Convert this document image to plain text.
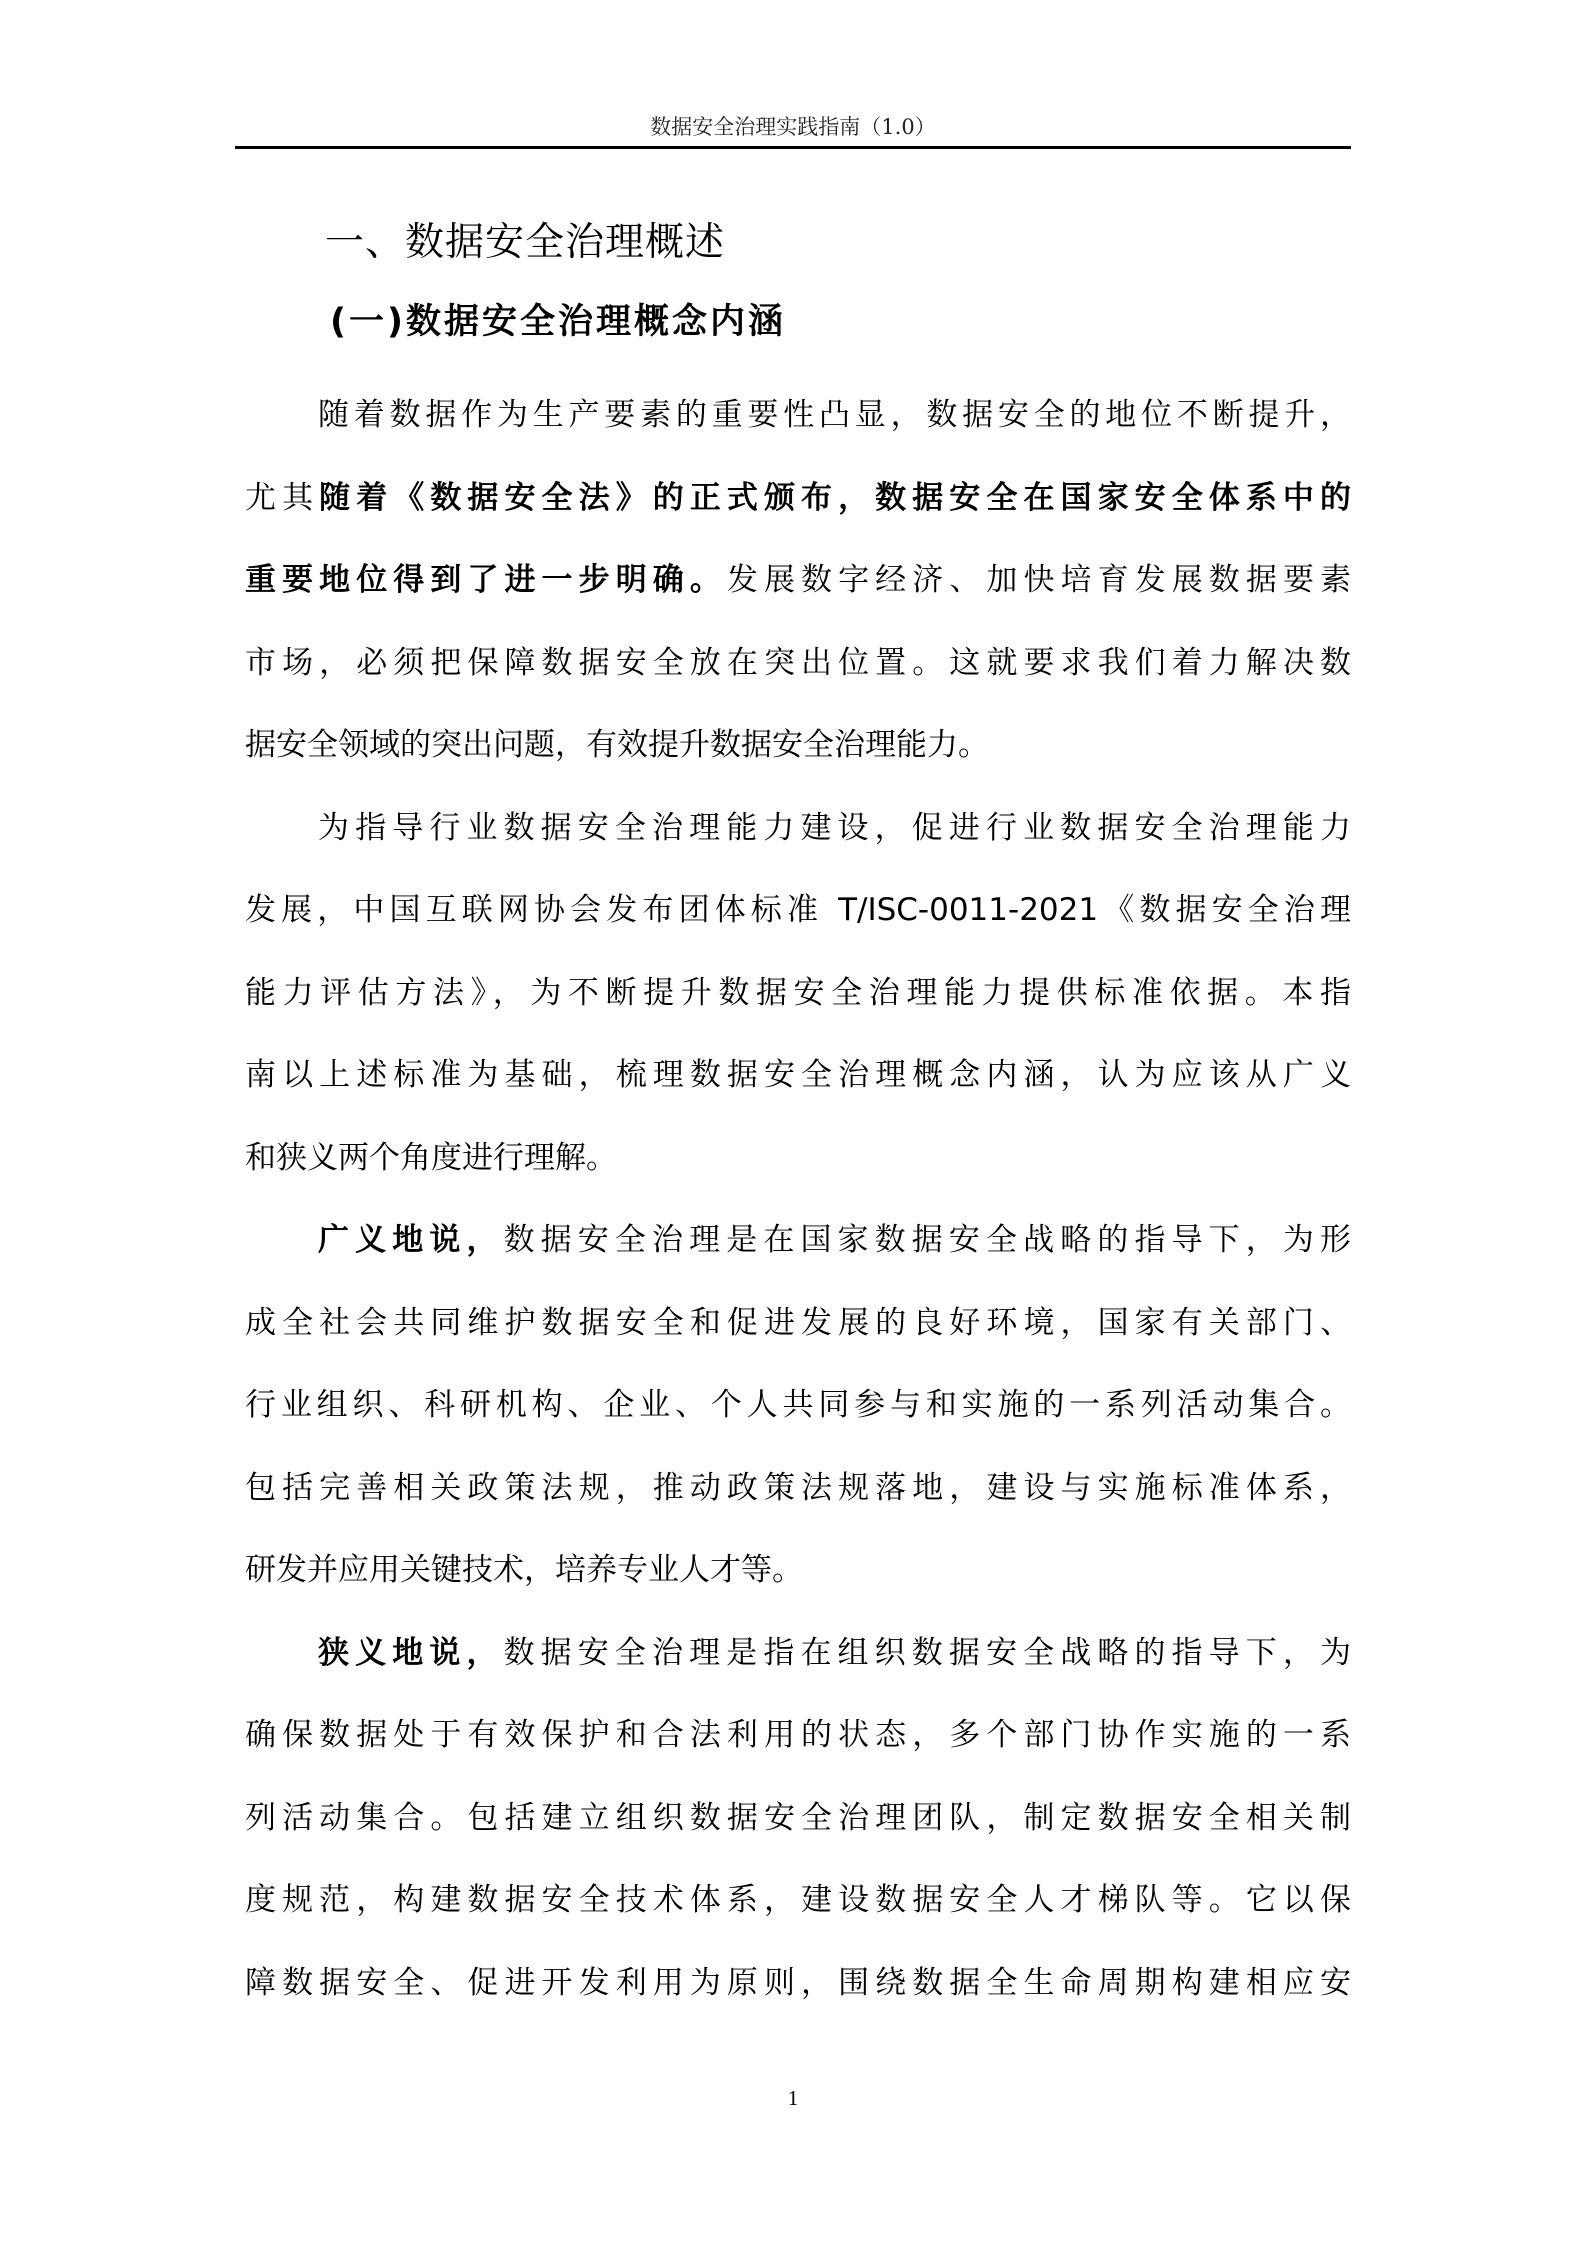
数据安全治理实践指南（1.0）
一、数据安全治理概述
(一)数据安全治理概念内涵
随着数据作为生产要素的重要性凸显，数据安全的地位不断提升，
尤其随着《数据安全法》的正式颁布，数据安全在国家安全体系中的
重要地位得到了进一步明确。发展数字经济、加快培育发展数据要素
市场，必须把保障数据安全放在突出位置。这就要求我们着力解决数
据安全领域的突出问题，有效提升数据安全治理能力。
为指导行业数据安全治理能力建设，促进行业数据安全治理能力
发展，中国互联网协会发布团体标准 T/ISC-0011-2021《数据安全治理
能力评估方法》，为不断提升数据安全治理能力提供标准依据。本指
南以上述标准为基础，梳理数据安全治理概念内涵，认为应该从广义
和狭义两个角度进行理解。
广义地说，数据安全治理是在国家数据安全战略的指导下，为形
成全社会共同维护数据安全和促进发展的良好环境，国家有关部门、
行业组织、科研机构、企业、个人共同参与和实施的一系列活动集合。
包括完善相关政策法规，推动政策法规落地，建设与实施标准体系，
研发并应用关键技术，培养专业人才等。
狭义地说，数据安全治理是指在组织数据安全战略的指导下，为
确保数据处于有效保护和合法利用的状态，多个部门协作实施的一系
列活动集合。包括建立组织数据安全治理团队，制定数据安全相关制
度规范，构建数据安全技术体系，建设数据安全人才梯队等。它以保
障数据安全、促进开发利用为原则，围绕数据全生命周期构建相应安
1
